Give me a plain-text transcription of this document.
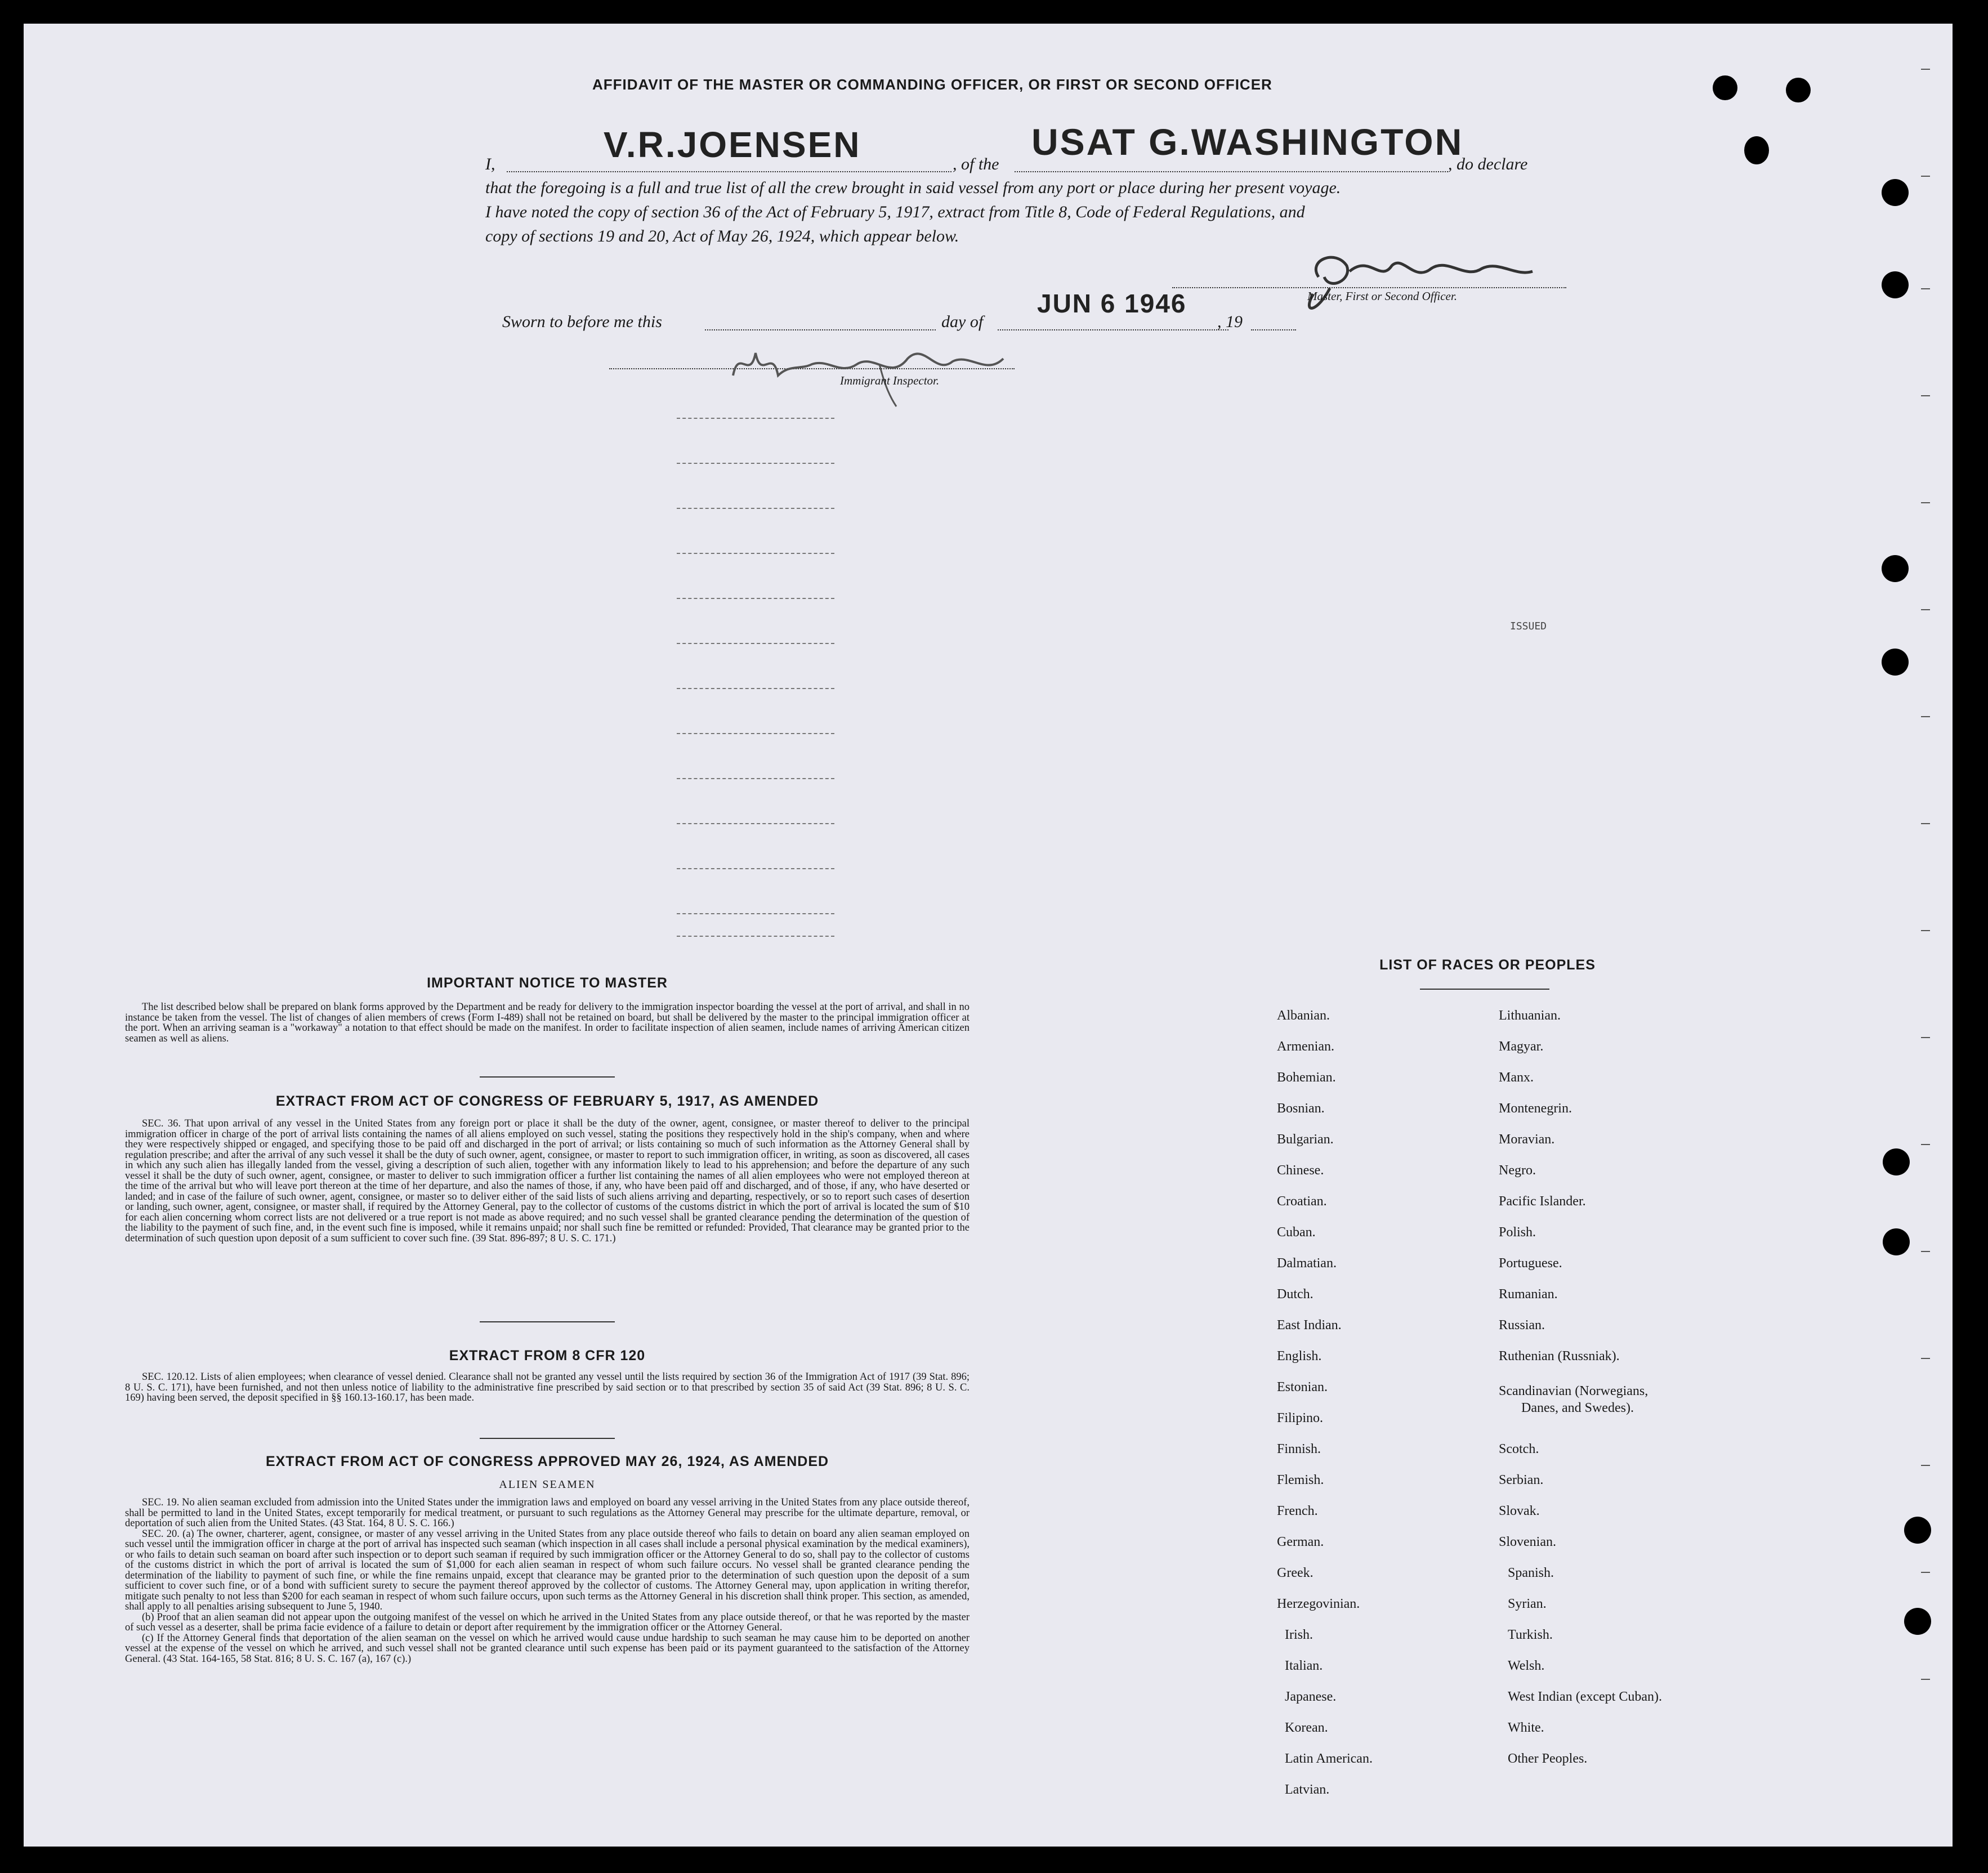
AFFIDAVIT OF THE MASTER OR COMMANDING OFFICER, OR FIRST OR SECOND OFFICER
I,	V.R.JOENSEN	, of the
USAT G.WASHINGTON
, do declare
that the foregoing is a full and true list of all the crew brought in said vessel from any port or place during her present voyage.
I have noted the copy of section 36 of the Act of February 5, 1917, extract from Title 8, Code of Federal Regulations, and
copy of sections 19 and 20, Act of May 26, 1924, which appear below.
Master, First or Second Officer.
Sworn to before me this	day of
JUN 6 1946
, 19
Immigrant Inspector.
ISSUED
IMPORTANT NOTICE TO MASTER

The list described below shall be prepared on blank forms approved by the Department and be ready for delivery to the immigration inspector boarding the vessel at the port of arrival, and shall in no instance be taken from the vessel. The list of changes of alien members of crews (Form I-489) shall not be retained on board, but shall be delivered by the master to the principal immigration officer at the port. When an arriving seaman is a "workaway" a notation to that effect should be made on the manifest. In order to facilitate inspection of alien seamen, include names of arriving American citizen seamen as well as aliens.

EXTRACT FROM ACT OF CONGRESS OF FEBRUARY 5, 1917, AS AMENDED

SEC. 36. That upon arrival of any vessel in the United States from any foreign port or place it shall be the duty of the owner, agent, consignee, or master thereof to deliver to the principal immigration officer in charge of the port of arrival lists containing the names of all aliens employed on such vessel, stating the positions they respectively hold in the ship's company, when and where they were respectively shipped or engaged, and specifying those to be paid off and discharged in the port of arrival; or lists containing so much of such information as the Attorney General shall by regulation prescribe; and after the arrival of any such vessel it shall be the duty of such owner, agent, consignee, or master to report to such immigration officer, in writing, as soon as discovered, all cases in which any such alien has illegally landed from the vessel, giving a description of such alien, together with any information likely to lead to his apprehension; and before the departure of any such vessel it shall be the duty of such owner, agent, consignee, or master to deliver to such immigration officer a further list containing the names of all alien employees who were not employed thereon at the time of the arrival but who will leave port thereon at the time of her departure, and also the names of those, if any, who have been paid off and discharged, and of those, if any, who have deserted or landed; and in case of the failure of such owner, agent, consignee, or master so to deliver either of the said lists of such aliens arriving and departing, respectively, or so to report such cases of desertion or landing, such owner, agent, consignee, or master shall, if required by the Attorney General, pay to the collector of customs of the customs district in which the port of arrival is located the sum of $10 for each alien concerning whom correct lists are not delivered or a true report is not made as above required; and no such vessel shall be granted clearance pending the determination of the question of the liability to the payment of such fine, and, in the event such fine is imposed, while it remains unpaid; nor shall such fine be remitted or refunded: Provided, That clearance may be granted prior to the determination of such question upon deposit of a sum sufficient to cover such fine. (39 Stat. 896-897; 8 U. S. C. 171.)

EXTRACT FROM 8 CFR 120

SEC. 120.12. Lists of alien employees; when clearance of vessel denied. Clearance shall not be granted any vessel until the lists required by section 36 of the Immigration Act of 1917 (39 Stat. 896; 8 U. S. C. 171), have been furnished, and not then unless notice of liability to the administrative fine prescribed by said section or to that prescribed by section 35 of said Act (39 Stat. 896; 8 U. S. C. 169) having been served, the deposit specified in §§ 160.13-160.17, has been made.

EXTRACT FROM ACT OF CONGRESS APPROVED MAY 26, 1924, AS AMENDED
ALIEN SEAMEN

SEC. 19. No alien seaman excluded from admission into the United States under the immigration laws and employed on board any vessel arriving in the United States from any place outside thereof, shall be permitted to land in the United States, except temporarily for medical treatment, or pursuant to such regulations as the Attorney General may prescribe for the ultimate departure, removal, or deportation of such alien from the United States. (43 Stat. 164, 8 U. S. C. 166.)

SEC. 20. (a) The owner, charterer, agent, consignee, or master of any vessel arriving in the United States from any place outside thereof who fails to detain on board any alien seaman employed on such vessel until the immigration officer in charge at the port of arrival has inspected such seaman (which inspection in all cases shall include a personal physical examination by the medical examiners), or who fails to detain such seaman on board after such inspection or to deport such seaman if required by such immigration officer or the Attorney General to do so, shall pay to the collector of customs of the customs district in which the port of arrival is located the sum of $1,000 for each alien seaman in respect of whom such failure occurs. No vessel shall be granted clearance pending the determination of the liability to payment of such fine, or while the fine remains unpaid, except that clearance may be granted prior to the determination of such question upon the deposit of a sum sufficient to cover such fine, or of a bond with sufficient surety to secure the payment thereof approved by the collector of customs. The Attorney General may, upon application in writing therefor, mitigate such penalty to not less than $200 for each seaman in respect of whom such failure occurs, upon such terms as the Attorney General in his discretion shall think proper. This section, as amended, shall apply to all penalties arising subsequent to June 5, 1940.

(b) Proof that an alien seaman did not appear upon the outgoing manifest of the vessel on which he arrived in the United States from any place outside thereof, or that he was reported by the master of such vessel as a deserter, shall be prima facie evidence of a failure to detain or deport after requirement by the immigration officer or the Attorney General.

(c) If the Attorney General finds that deportation of the alien seaman on the vessel on which he arrived would cause undue hardship to such seaman he may cause him to be deported on another vessel at the expense of the vessel on which he arrived, and such vessel shall not be granted clearance until such expense has been paid or its payment guaranteed to the satisfaction of the Attorney General. (43 Stat. 164-165, 58 Stat. 816; 8 U. S. C. 167 (a), 167 (c).)

LIST OF RACES OR PEOPLES
Albanian.
Armenian.
Bohemian.
Bosnian.
Bulgarian.
Chinese.
Croatian.
Cuban.
Dalmatian.
Dutch.
East Indian.
English.
Estonian.
Filipino.
Finnish.
Flemish.
French.
German.
Greek.
Herzegovinian.
Irish.
Italian.
Japanese.
Korean.
Latin American.
Latvian.
Lithuanian.
Magyar.
Manx.
Montenegrin.
Moravian.
Negro.
Pacific Islander.
Polish.
Portuguese.
Rumanian.
Russian.
Ruthenian (Russniak).
Scandinavian (Norwegians,
Danes, and Swedes).
Scotch.
Serbian.
Slovak.
Slovenian.
Spanish.
Syrian.
Turkish.
Welsh.
West Indian (except Cuban).
White.
Other Peoples.
